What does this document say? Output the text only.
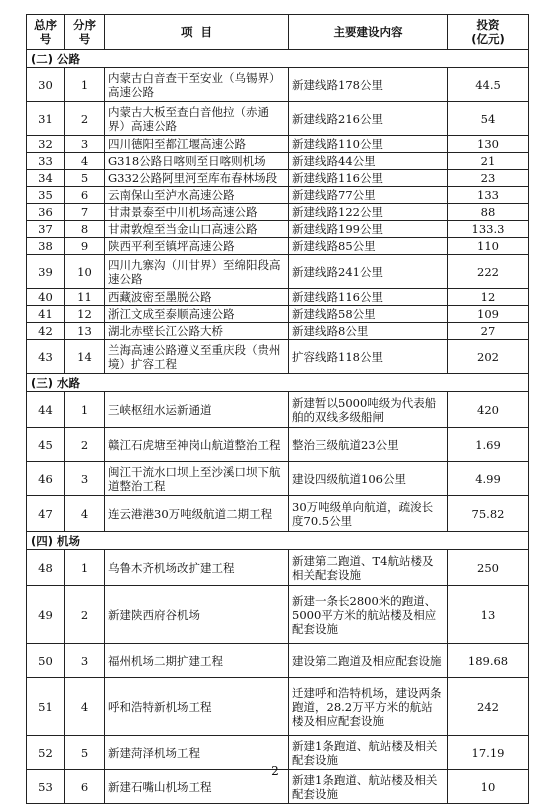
总序号	分序号	项  目	主要建设内容	投资
(亿元)
(二) 公路				
30	1	内蒙古白音查干至安业（乌锡界）高速公路	新建线路178公里	44.5
31	2	内蒙古大板至查白音他拉（赤通界）高速公路	新建线路216公里	54
32	3	四川德阳至都江堰高速公路	新建线路110公里	130
33	4	G318公路日喀则至日喀则机场	新建线路44公里	21
34	5	G332公路阿里河至库布春林场段	新建线路116公里	23
35	6	云南保山至泸水高速公路	新建线路77公里	133
36	7	甘肃景泰至中川机场高速公路	新建线路122公里	88
37	8	甘肃敦煌至当金山口高速公路	新建线路199公里	133.3
38	9	陕西平利至镇坪高速公路	新建线路85公里	110
39	10	四川九寨沟（川甘界）至绵阳段高速公路	新建线路241公里	222
40	11	西藏波密至墨脱公路	新建线路116公里	12
41	12	浙江文成至泰顺高速公路	新建线路58公里	109
42	13	湖北赤壁长江公路大桥	新建线路8公里	27
43	14	兰海高速公路遵义至重庆段（贵州境）扩容工程	扩容线路118公里	202
(三) 水路				
44	1	三峡枢纽水运新通道	新建暂以5000吨级为代表船舶的双线多级船闸	420
45	2	赣江石虎塘至神岗山航道整治工程	整治三级航道23公里	1.69
46	3	闽江干流水口坝上至沙溪口坝下航道整治工程	建设四级航道106公里	4.99
47	4	连云港港30万吨级航道二期工程	30万吨级单向航道，疏浚长度70.5公里	75.82
(四) 机场				
48	1	乌鲁木齐机场改扩建工程	新建第二跑道、T4航站楼及相关配套设施	250
49	2	新建陕西府谷机场	新建一条长2800米的跑道、5000平方米的航站楼及相应配套设施	13
50	3	福州机场二期扩建工程	建设第二跑道及相应配套设施	189.68
51	4	呼和浩特新机场工程	迁建呼和浩特机场，建设两条跑道，28.2万平方米的航站楼及相应配套设施	242
52	5	新建菏泽机场工程	新建1条跑道、航站楼及相关配套设施	17.19
53	6	新建石嘴山机场工程	新建1条跑道、航站楼及相关配套设施	10
2
